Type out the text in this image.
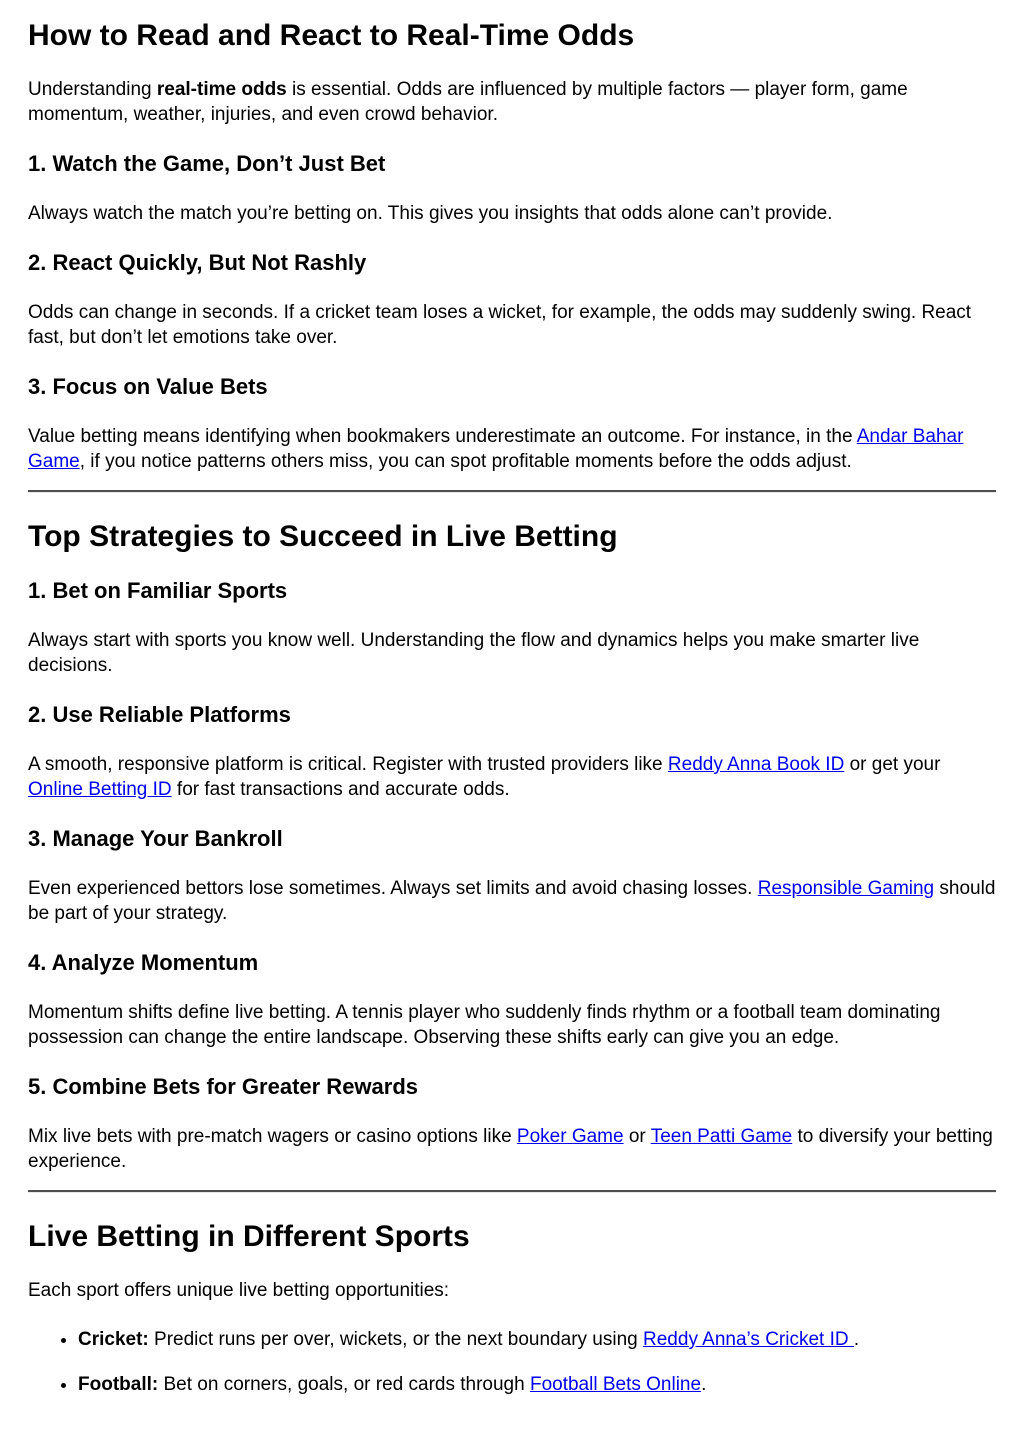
How to Read and React to Real-Time Odds

Understanding real-time odds is essential. Odds are influenced by multiple factors — player form, game momentum, weather, injuries, and even crowd behavior.

1. Watch the Game, Don’t Just Bet

Always watch the match you’re betting on. This gives you insights that odds alone can’t provide.

2. React Quickly, But Not Rashly

Odds can change in seconds. If a cricket team loses a wicket, for example, the odds may suddenly swing. React fast, but don’t let emotions take over.

3. Focus on Value Bets

Value betting means identifying when bookmakers underestimate an outcome. For instance, in the Andar Bahar Game, if you notice patterns others miss, you can spot profitable moments before the odds adjust.

Top Strategies to Succeed in Live Betting
1. Bet on Familiar Sports

Always start with sports you know well. Understanding the flow and dynamics helps you make smarter live decisions.

2. Use Reliable Platforms

A smooth, responsive platform is critical. Register with trusted providers like Reddy Anna Book ID or get your Online Betting ID for fast transactions and accurate odds.

3. Manage Your Bankroll

Even experienced bettors lose sometimes. Always set limits and avoid chasing losses. Responsible Gaming should be part of your strategy.

4. Analyze Momentum

Momentum shifts define live betting. A tennis player who suddenly finds rhythm or a football team dominating possession can change the entire landscape. Observing these shifts early can give you an edge.

5. Combine Bets for Greater Rewards

Mix live bets with pre-match wagers or casino options like Poker Game or Teen Patti Game to diversify your betting experience.

Live Betting in Different Sports

Each sport offers unique live betting opportunities:

• Cricket: Predict runs per over, wickets, or the next boundary using Reddy Anna’s Cricket ID .
• Football: Bet on corners, goals, or red cards through Football Bets Online.
